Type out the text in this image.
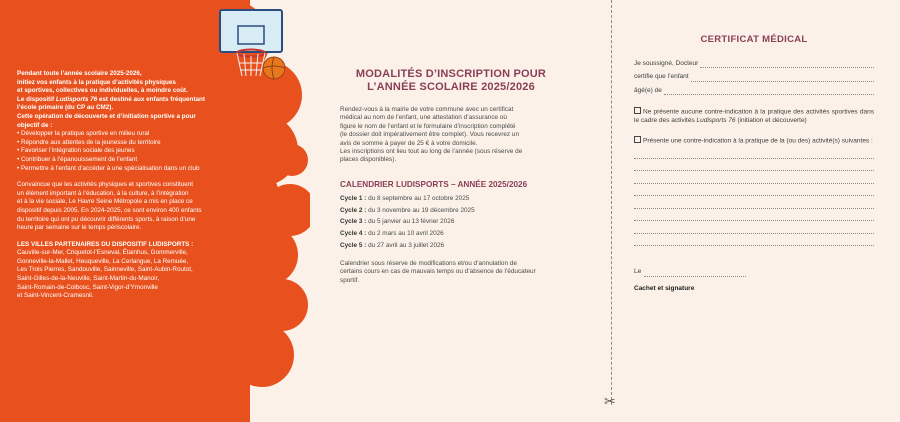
Pendant toute l’année scolaire 2025-2026,

initiez vos enfants à la pratique d’activités physiques

et sportives, collectives ou individuelles, à moindre coût.

Le dispositif Ludisports 76 est destiné aux enfants fréquentant

l’école primaire (du CP au CM2).

Cette opération de découverte et d’initiation sportive a pour

objectif de :

• Développer la pratique sportive en milieu rural
• Répondre aux attentes de la jeunesse du territoire
• Favoriser l’intégration sociale des jeunes
• Contribuer à l’épanouissement de l’enfant
• Permettre à l’enfant d’accéder à une spécialisation dans un club

Convaincue que les activités physiques et sportives constituent

un élément important à l’éducation, à la culture, à l’intégration

et à la vie sociale, Le Havre Seine Métropole a mis en place ce

dispositif depuis 2005. En 2024-2025, ce sont environ 400 enfants

du territoire qui ont pu découvrir différents sports, à raison d’une

heure par semaine sur le temps périscolaire.

LES VILLES PARTENAIRES DU DISPOSITIF LUDISPORTS :

Cauville-sur-Mer, Criquetot-l’Esneval, Étainhus, Gommerville,

Gonneville-la-Mallet, Heuqueville, La Cerlangue, La Remuée,

Les Trois Pierres, Sandouville, Sainneville, Saint-Aubin-Routot,

Saint-Gilles-de-la-Neuville, Saint-Martin-du-Manoir,

Saint-Romain-de-Colbosc, Saint-Vigor-d’Ymonville

et Saint-Vincent-Cramesnil.

MODALITÉS D’INSCRIPTION POUR
L’ANNÉE SCOLAIRE 2025/2026

Rendez-vous à la mairie de votre commune avec un certificat

médical au nom de l’enfant, une attestation d’assurance où

figure le nom de l’enfant et le formulaire d’inscription complété

(le dossier doit impérativement être complet). Vous recevrez un

avis de somme à payer de 25 € à votre domicile.

Les inscriptions ont lieu tout au long de l’année (sous réserve de

places disponibles).

CALENDRIER LUDISPORTS – ANNÉE 2025/2026
Cycle 1 : du 8 septembre au 17 octobre 2025
Cycle 2 : du 3 novembre au 19 décembre 2025
Cycle 3 : du 5 janvier au 13 février 2026
Cycle 4 : du 2 mars au 10 avril 2026
Cycle 5 : du 27 avril au 3 juillet 2026

Calendrier sous réserve de modifications et/ou d’annulation de

certains cours en cas de mauvais temps ou d’absence de l’éducateur

sportif.

✂
CERTIFICAT MÉDICAL
Je soussigné, Docteur
certifie que l’enfant
âgé(e) de

Ne présente aucune contre-indication à la pratique des activités sportives dans le cadre des activités Ludisports 76 (initiation et découverte)

Présente une contre-indication à la pratique de la (ou des) activité(s) suivantes :

Le
Cachet et signature
